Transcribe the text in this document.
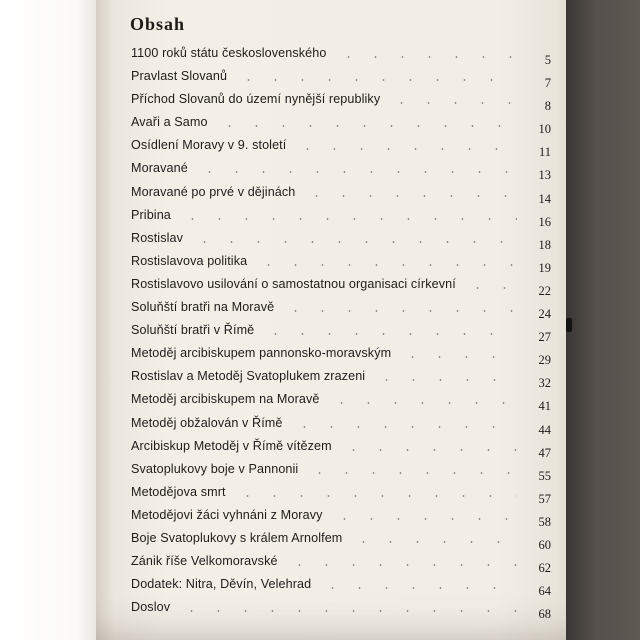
Obsah
1100 roků státu československého	5
Pravlast Slovanů	7
Příchod Slovanů do území nynější republiky	8
Avaři a Samo	10
Osídlení Moravy v 9. století	11
Moravané	13
Moravané po prvé v dějinách	14
Pribina	16
Rostislav	18
Rostislavova politika	19
Rostislavovo usilování o samostatnou organisaci církevní	22
Soluňští bratři na Moravě	24
Soluňští bratři v Římě	27
Metoděj arcibiskupem pannonsko-moravským	29
Rostislav a Metoděj Svatoplukem zrazeni	32
Metoděj arcibiskupem na Moravě	41
Metoděj obžalován v Římě	44
Arcibiskup Metoděj v Římě vítězem	47
Svatoplukovy boje v Pannonii	55
Metodějova smrt	57
Metodějovi žáci vyhnáni z Moravy	58
Boje Svatoplukovy s králem Arnolfem	60
Zánik říše Velkomoravské	62
Dodatek: Nitra, Děvín, Velehrad	64
Doslov	68
